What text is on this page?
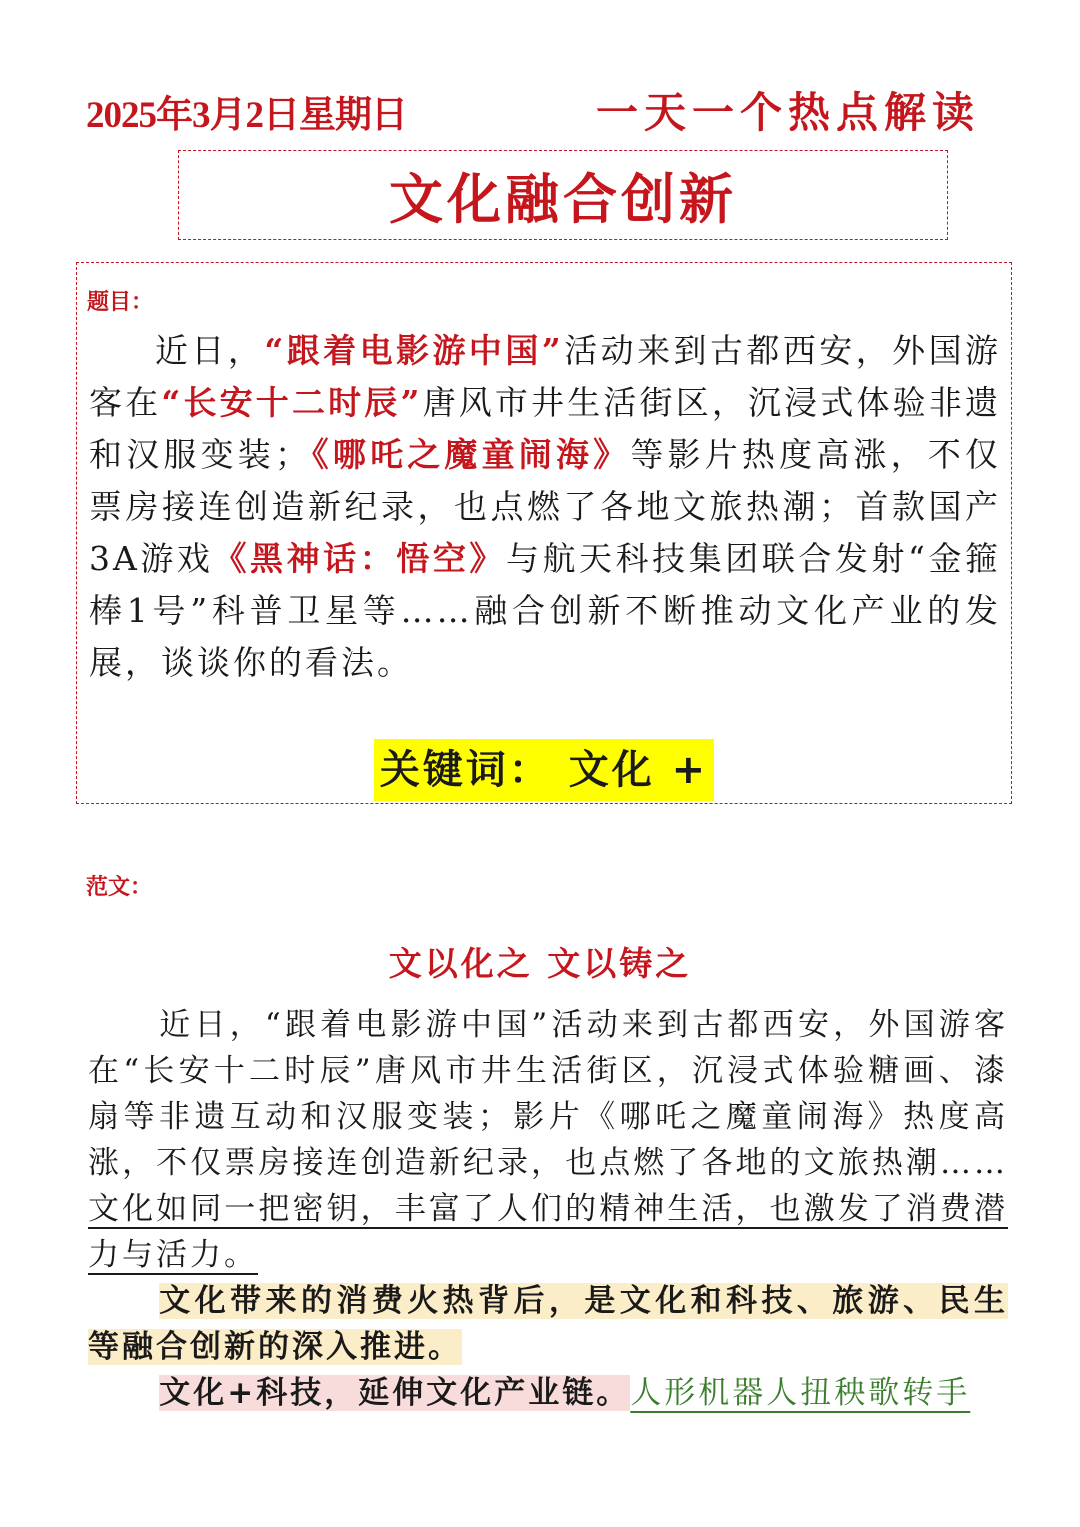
2025年3月2日星期日	一天一个热点解读
文化融合创新
题目：

近日，“跟着电影游中国”活动来到古都西安，外国游客在“长安十二时辰”唐风市井生活街区，沉浸式体验非遗和汉服变装；《哪吒之魔童闹海》等影片热度高涨，不仅票房接连创造新纪录，也点燃了各地文旅热潮；首款国产3A游戏《黑神话：悟空》与航天科技集团联合发射“金箍棒1号”科普卫星等……融合创新不断推动文化产业的发展，谈谈你的看法。

关键词： 文化 +
范文：
文以化之 文以铸之

近日，“跟着电影游中国”活动来到古都西安，外国游客在“长安十二时辰”唐风市井生活街区，沉浸式体验糖画、漆扇等非遗互动和汉服变装；影片《哪吒之魔童闹海》热度高涨，不仅票房接连创造新纪录，也点燃了各地的文旅热潮……文化如同一把密钥，丰富了人们的精神生活，也激发了消费潜力与活力。

文化带来的消费火热背后，是文化和科技、旅游、民生等融合创新的深入推进。

文化+科技，延伸文化产业链。人形机器人扭秧歌转手
